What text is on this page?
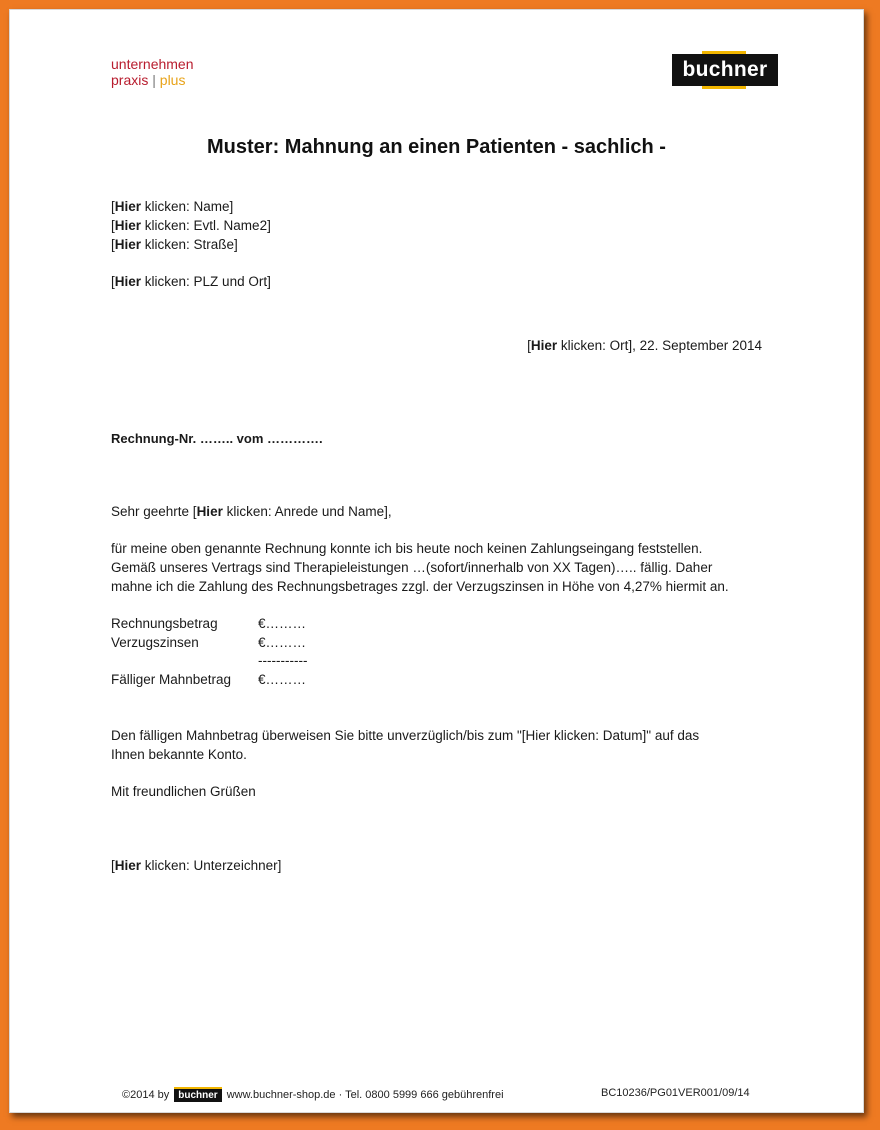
unternehmen
praxis | plus	buchner
Muster: Mahnung an einen Patienten - sachlich -
[Hier klicken: Name]
[Hier klicken: Evtl. Name2]
[Hier klicken: Straße]
[Hier klicken: PLZ und Ort]
[Hier klicken: Ort], 22. September 2014
Rechnung-Nr. …….. vom ………….
Sehr geehrte [Hier klicken: Anrede und Name],
für meine oben genannte Rechnung konnte ich bis heute noch keinen Zahlungseingang feststellen.
Gemäß unseres Vertrags sind Therapieleistungen …(sofort/innerhalb von XX Tagen)….. fällig. Daher
mahne ich die Zahlung des Rechnungsbetrages zzgl. der Verzugszinsen in Höhe von 4,27% hiermit an.
Rechnungsbetrag	€………
Verzugszinsen	€………
-----------
Fälliger Mahnbetrag	€………
Den fälligen Mahnbetrag überweisen Sie bitte unverzüglich/bis zum "[Hier klicken: Datum]" auf das
Ihnen bekannte Konto.
Mit freundlichen Grüßen
[Hier klicken: Unterzeichner]
©2014 by buchner www.buchner-shop.de · Tel. 0800 5999 666 gebührenfrei	BC10236/PG01VER001/09/14
